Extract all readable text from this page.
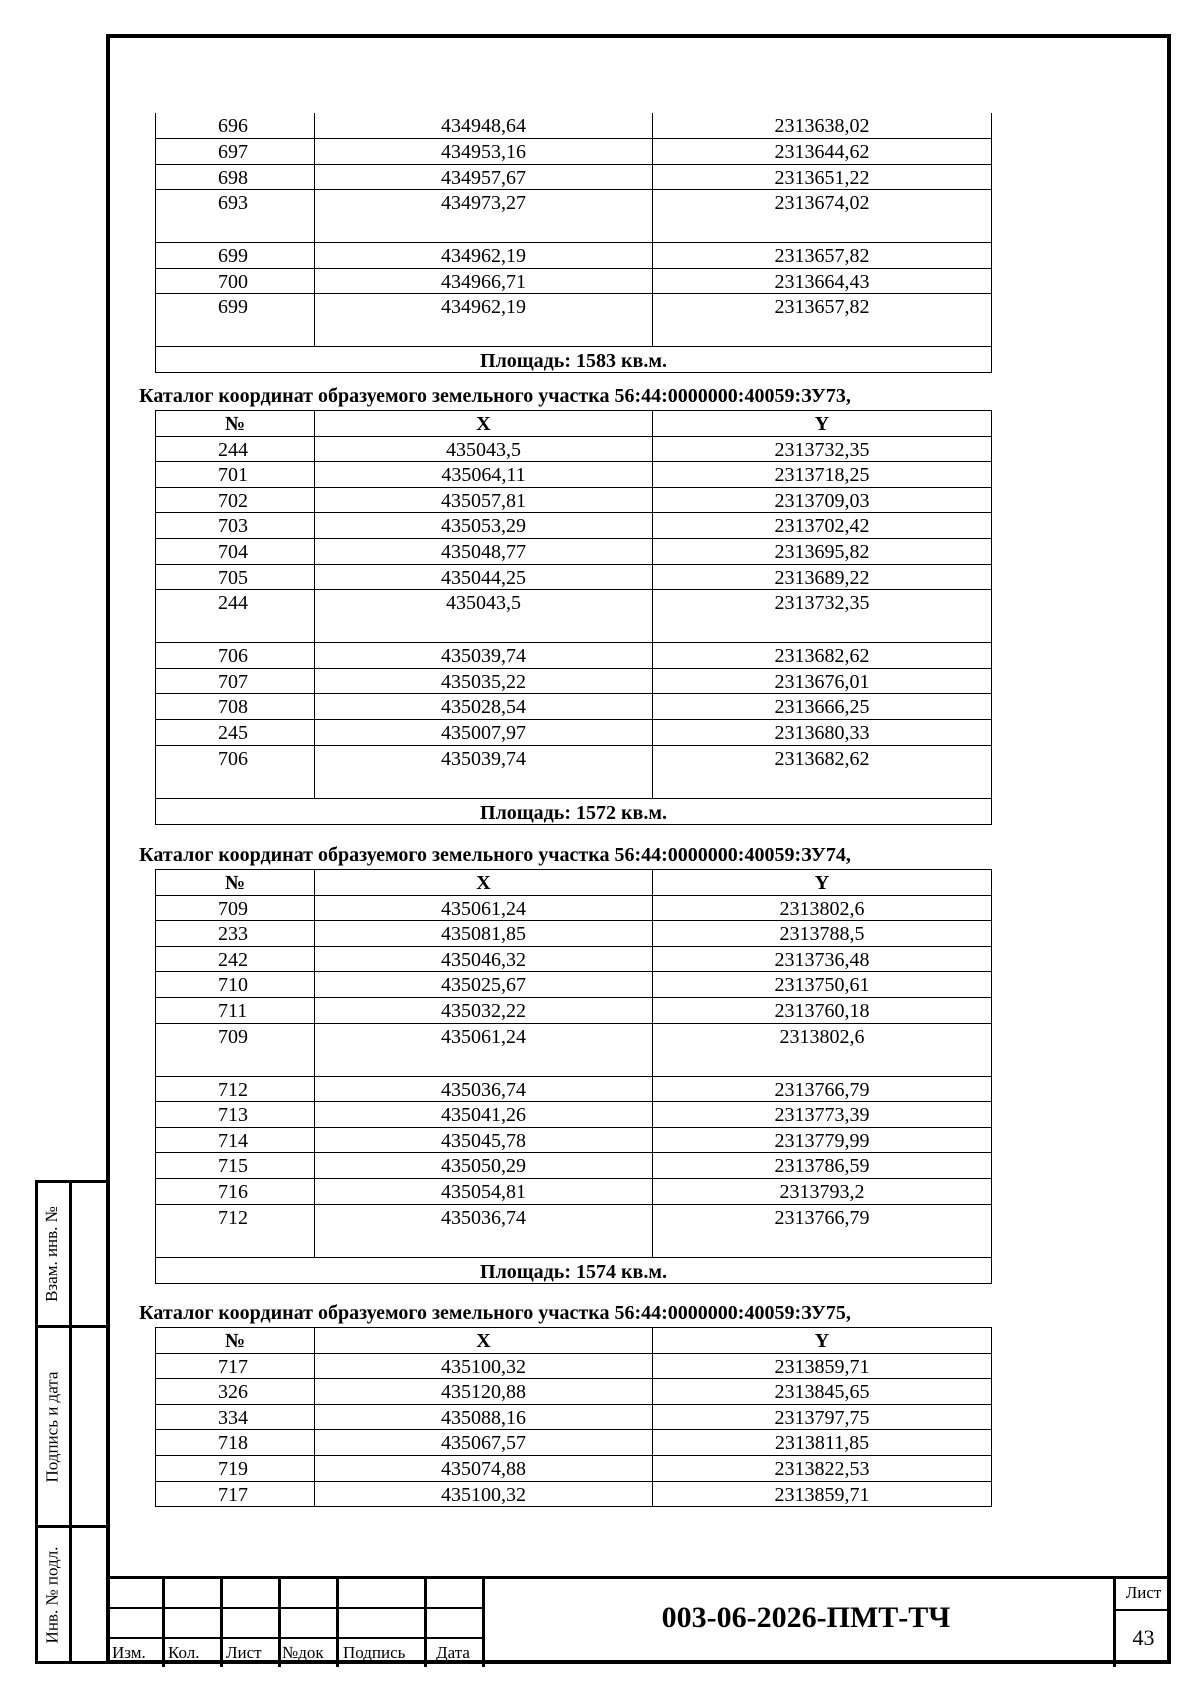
Взам. инв. №
Подпись и дата
Инв. № подл.
696	434948,64	2313638,02
697	434953,16	2313644,62
698	434957,67	2313651,22
693	434973,27	2313674,02
699	434962,19	2313657,82
700	434966,71	2313664,43
699	434962,19	2313657,82
Площадь: 1583 кв.м.		
Каталог координат образуемого земельного участка 56:44:0000000:40059:ЗУ73,
№	X	Y
244	435043,5	2313732,35
701	435064,11	2313718,25
702	435057,81	2313709,03
703	435053,29	2313702,42
704	435048,77	2313695,82
705	435044,25	2313689,22
244	435043,5	2313732,35
706	435039,74	2313682,62
707	435035,22	2313676,01
708	435028,54	2313666,25
245	435007,97	2313680,33
706	435039,74	2313682,62
Площадь: 1572 кв.м.		
Каталог координат образуемого земельного участка 56:44:0000000:40059:ЗУ74,
№	X	Y
709	435061,24	2313802,6
233	435081,85	2313788,5
242	435046,32	2313736,48
710	435025,67	2313750,61
711	435032,22	2313760,18
709	435061,24	2313802,6
712	435036,74	2313766,79
713	435041,26	2313773,39
714	435045,78	2313779,99
715	435050,29	2313786,59
716	435054,81	2313793,2
712	435036,74	2313766,79
Площадь: 1574 кв.м.		
Каталог координат образуемого земельного участка 56:44:0000000:40059:ЗУ75,
№	X	Y
717	435100,32	2313859,71
326	435120,88	2313845,65
334	435088,16	2313797,75
718	435067,57	2313811,85
719	435074,88	2313822,53
717	435100,32	2313859,71
Изм. Кол. Лист №док Подпись Дата
003-06-2026-ПМТ-ТЧ
Лист
43
